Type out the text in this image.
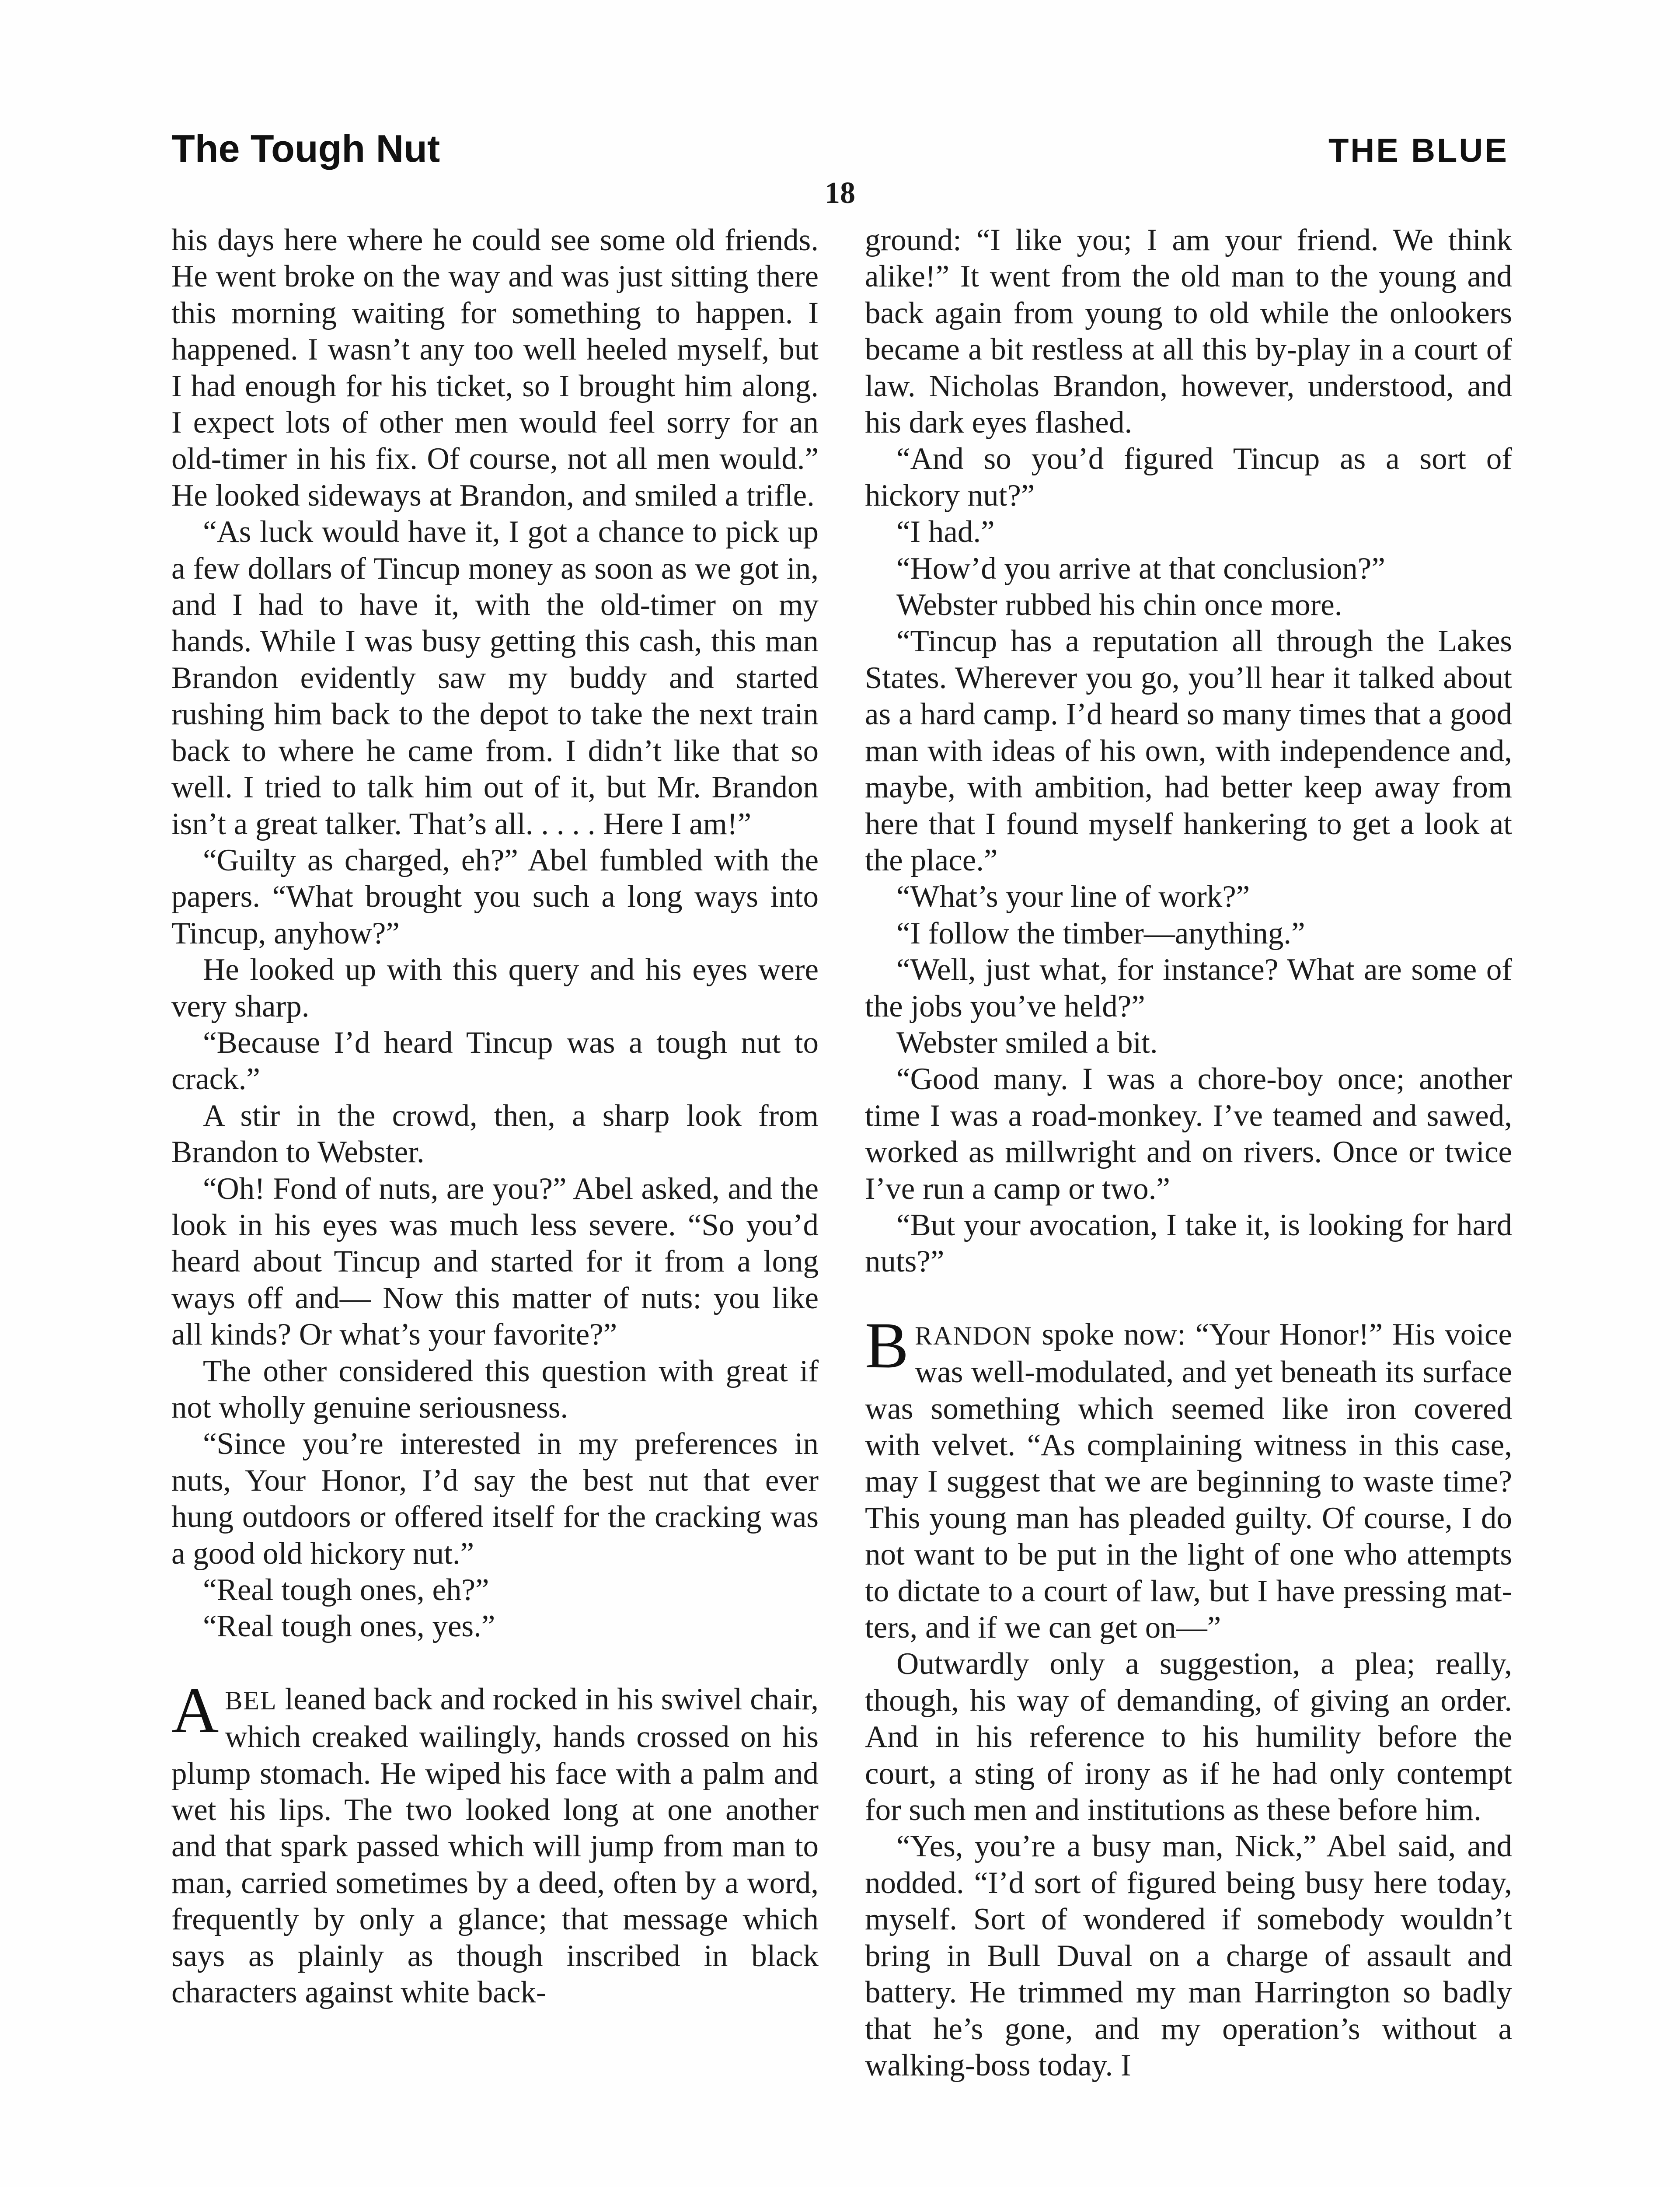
The Tough Nut	THE BLUE
18

his days here where he could see some old friends. He went broke on the way and was just sitting there this morning waiting for something to happen. I happened. I wasn’t any too well heeled myself, but I had enough for his ticket, so I brought him along. I expect lots of other men would feel sorry for an old-timer in his fix. Of course, not all men would.” He looked sideways at Brandon, and smiled a trifle.

“As luck would have it, I got a chance to pick up a few dollars of Tincup money as soon as we got in, and I had to have it, with the old-timer on my hands. While I was busy getting this cash, this man Brandon evidently saw my buddy and started rushing him back to the depot to take the next train back to where he came from. I didn’t like that so well. I tried to talk him out of it, but Mr. Brandon isn’t a great talker. That’s all. . . . . Here I am!”

“Guilty as charged, eh?” Abel fumbled with the papers. “What brought you such a long ways into Tincup, anyhow?”

He looked up with this query and his eyes were very sharp.

“Because I’d heard Tincup was a tough nut to crack.”

A stir in the crowd, then, a sharp look from Brandon to Webster.

“Oh! Fond of nuts, are you?” Abel asked, and the look in his eyes was much less severe. “So you’d heard about Tincup and started for it from a long ways off and— Now this matter of nuts: you like all kinds? Or what’s your favorite?”

The other considered this question with great if not wholly genuine seriousness.

“Since you’re interested in my preferences in nuts, Your Honor, I’d say the best nut that ever hung outdoors or offered itself for the cracking was a good old hickory nut.”

“Real tough ones, eh?”

“Real tough ones, yes.”

ABEL leaned back and rocked in his swivel chair, which creaked wailingly, hands crossed on his plump stomach. He wiped his face with a palm and wet his lips. The two looked long at one another and that spark passed which will jump from man to man, carried sometimes by a deed, often by a word, frequently by only a glance; that message which says as plainly as though inscribed in black characters against white back-

ground: “I like you; I am your friend. We think alike!” It went from the old man to the young and back again from young to old while the onlookers became a bit restless at all this by-play in a court of law. Nicholas Brandon, however, understood, and his dark eyes flashed.

“And so you’d figured Tincup as a sort of hickory nut?”

“I had.”

“How’d you arrive at that conclusion?”

Webster rubbed his chin once more.

“Tincup has a reputation all through the Lakes States. Wherever you go, you’ll hear it talked about as a hard camp. I’d heard so many times that a good man with ideas of his own, with independence and, maybe, with ambition, had better keep away from here that I found myself hankering to get a look at the place.”

“What’s your line of work?”

“I follow the timber—anything.”

“Well, just what, for instance? What are some of the jobs you’ve held?”

Webster smiled a bit.

“Good many. I was a chore-boy once; another time I was a road-monkey. I’ve teamed and sawed, worked as millwright and on rivers. Once or twice I’ve run a camp or two.”

“But your avocation, I take it, is looking for hard nuts?”

BRANDON spoke now: “Your Honor!” His voice was well-modulated, and yet beneath its surface was something which seemed like iron covered with velvet. “As complaining witness in this case, may I suggest that we are beginning to waste time? This young man has pleaded guilty. Of course, I do not want to be put in the light of one who attempts to dictate to a court of law, but I have pressing matters, and if we can get on—”

Outwardly only a suggestion, a plea; really, though, his way of demanding, of giving an order. And in his reference to his humility before the court, a sting of irony as if he had only contempt for such men and institutions as these before him.

“Yes, you’re a busy man, Nick,” Abel said, and nodded. “I’d sort of figured being busy here today, myself. Sort of wondered if somebody wouldn’t bring in Bull Duval on a charge of assault and battery. He trimmed my man Harrington so badly that he’s gone, and my operation’s without a walking-boss today. I
